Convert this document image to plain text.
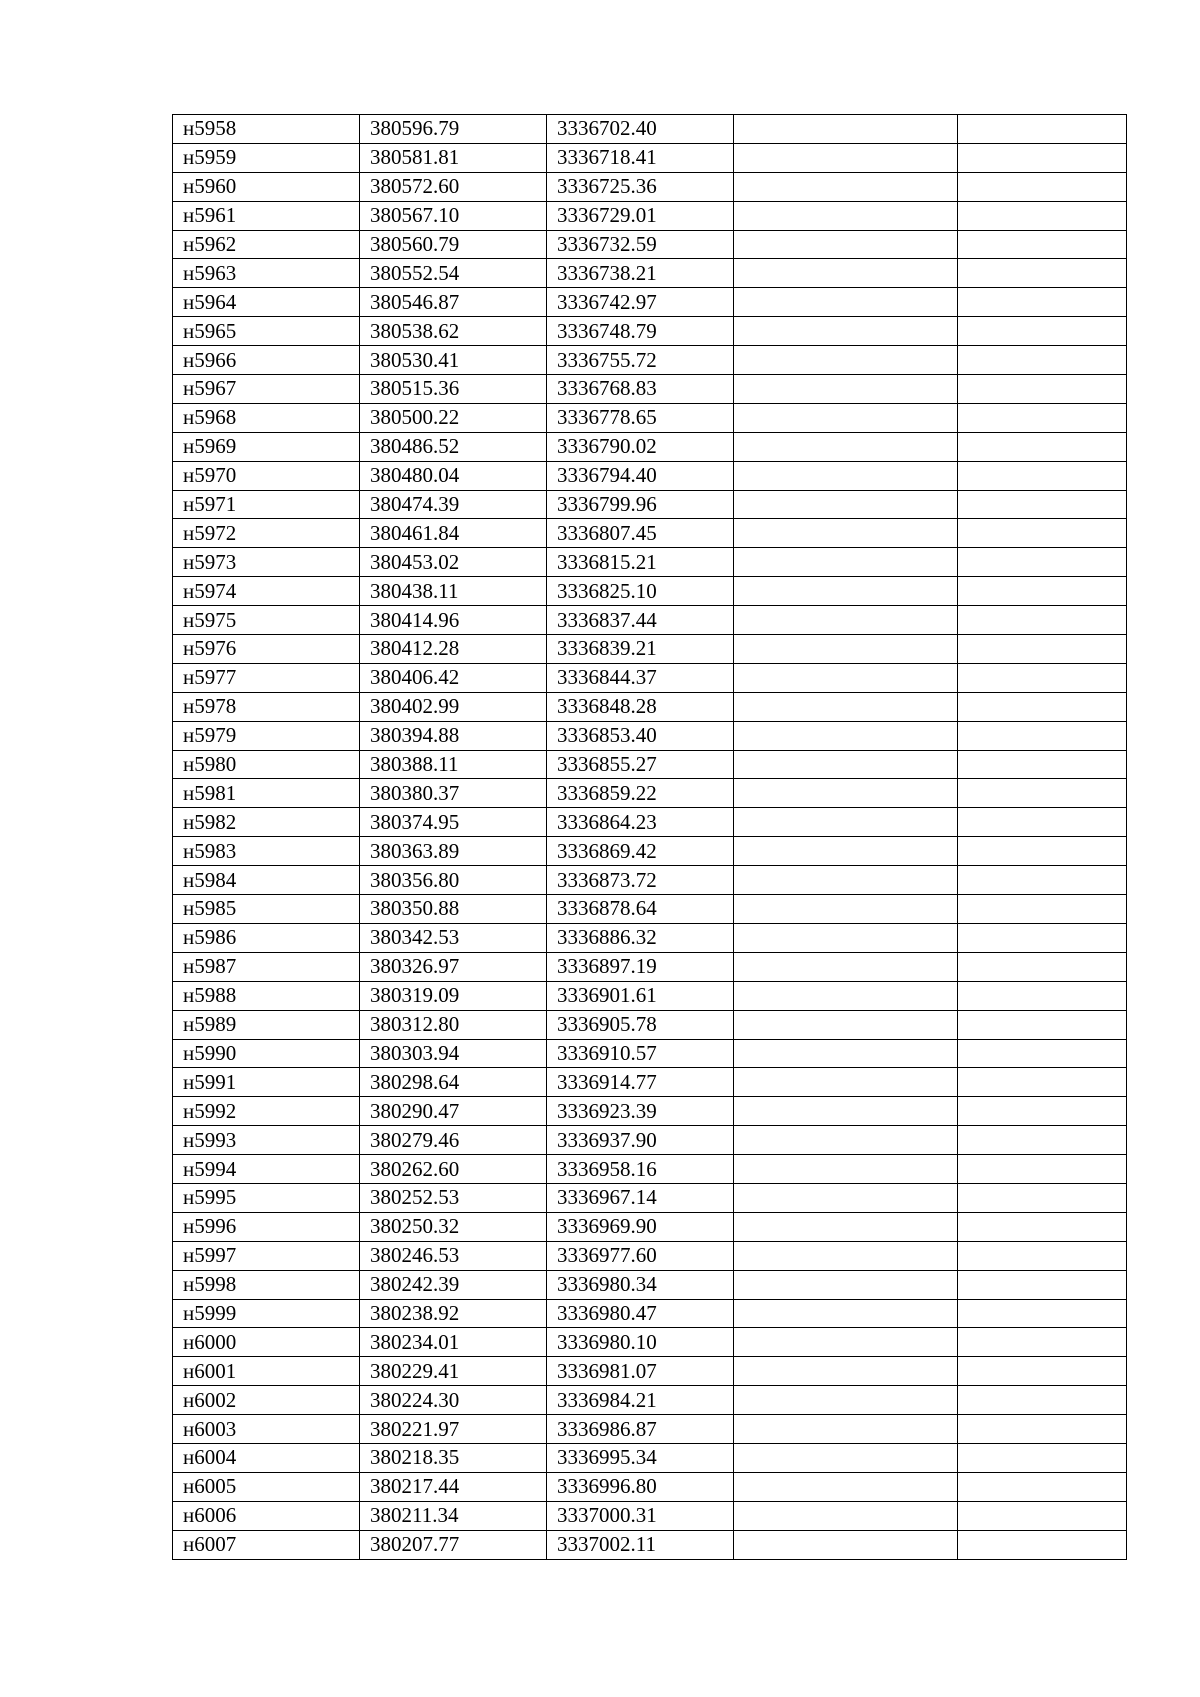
н5958	380596.79	3336702.40		
н5959	380581.81	3336718.41		
н5960	380572.60	3336725.36		
н5961	380567.10	3336729.01		
н5962	380560.79	3336732.59		
н5963	380552.54	3336738.21		
н5964	380546.87	3336742.97		
н5965	380538.62	3336748.79		
н5966	380530.41	3336755.72		
н5967	380515.36	3336768.83		
н5968	380500.22	3336778.65		
н5969	380486.52	3336790.02		
н5970	380480.04	3336794.40		
н5971	380474.39	3336799.96		
н5972	380461.84	3336807.45		
н5973	380453.02	3336815.21		
н5974	380438.11	3336825.10		
н5975	380414.96	3336837.44		
н5976	380412.28	3336839.21		
н5977	380406.42	3336844.37		
н5978	380402.99	3336848.28		
н5979	380394.88	3336853.40		
н5980	380388.11	3336855.27		
н5981	380380.37	3336859.22		
н5982	380374.95	3336864.23		
н5983	380363.89	3336869.42		
н5984	380356.80	3336873.72		
н5985	380350.88	3336878.64		
н5986	380342.53	3336886.32		
н5987	380326.97	3336897.19		
н5988	380319.09	3336901.61		
н5989	380312.80	3336905.78		
н5990	380303.94	3336910.57		
н5991	380298.64	3336914.77		
н5992	380290.47	3336923.39		
н5993	380279.46	3336937.90		
н5994	380262.60	3336958.16		
н5995	380252.53	3336967.14		
н5996	380250.32	3336969.90		
н5997	380246.53	3336977.60		
н5998	380242.39	3336980.34		
н5999	380238.92	3336980.47		
н6000	380234.01	3336980.10		
н6001	380229.41	3336981.07		
н6002	380224.30	3336984.21		
н6003	380221.97	3336986.87		
н6004	380218.35	3336995.34		
н6005	380217.44	3336996.80		
н6006	380211.34	3337000.31		
н6007	380207.77	3337002.11		
